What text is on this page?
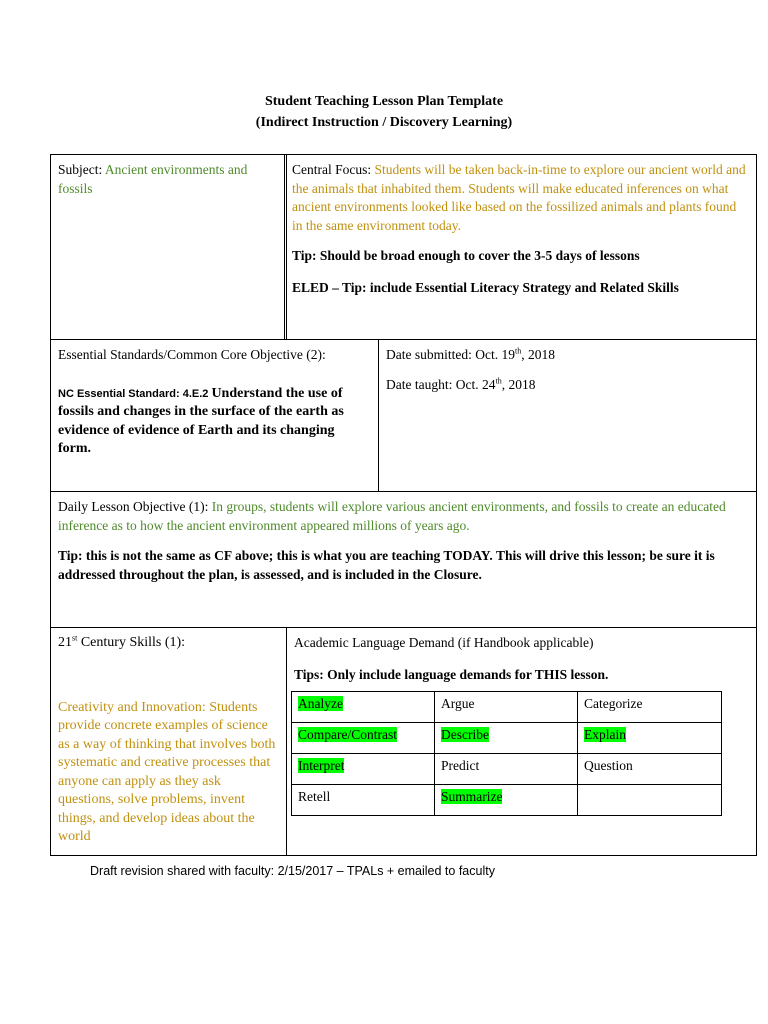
Student Teaching Lesson Plan Template
(Indirect Instruction / Discovery Learning)
Subject: Ancient environments and fossils
Central Focus: Students will be taken back-in-time to explore our ancient world and the animals that inhabited them. Students will make educated inferences on what ancient environments looked like based on the fossilized animals and plants found in the same environment today.
Tip: Should be broad enough to cover the 3-5 days of lessons
ELED – Tip: include Essential Literacy Strategy and Related Skills
Essential Standards/Common Core Objective (2):
NC Essential Standard: 4.E.2 Understand the use of fossils and changes in the surface of the earth as evidence of evidence of Earth and its changing form.
Date submitted: Oct. 19th, 2018
Date taught: Oct. 24th, 2018
Daily Lesson Objective (1): In groups, students will explore various ancient environments, and fossils to create an educated inference as to how the ancient environment appeared millions of years ago.
Tip: this is not the same as CF above; this is what you are teaching TODAY. This will drive this lesson; be sure it is addressed throughout the plan, is assessed, and is included in the Closure.
21st Century Skills (1):
Creativity and Innovation: Students provide concrete examples of science as a way of thinking that involves both systematic and creative processes that anyone can apply as they ask questions, solve problems, invent things, and develop ideas about the world
Academic Language Demand (if Handbook applicable)
Tips: Only include language demands for THIS lesson.
Analyze	Argue	Categorize
Compare/Contrast	Describe	Explain
Interpret	Predict	Question
Retell	Summarize	
Draft revision shared with faculty: 2/15/2017 – TPALs + emailed to faculty
